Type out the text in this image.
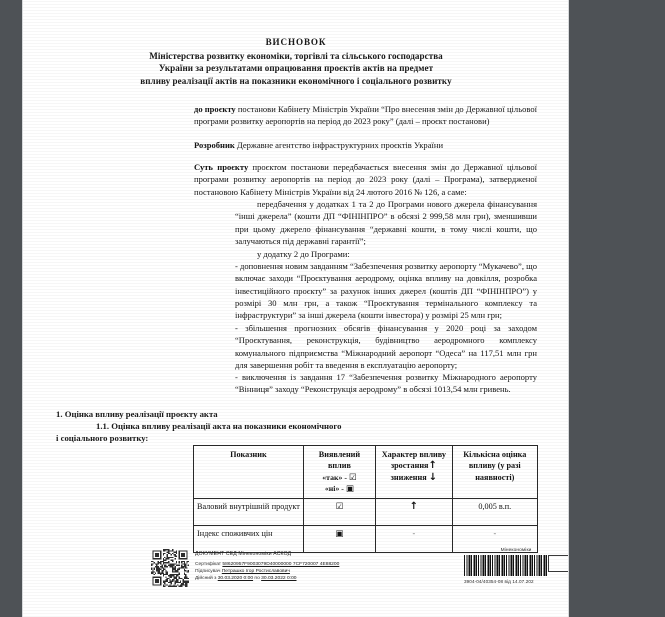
ВИСНОВОК
Міністерства розвитку економіки, торгівлі та сільського господарства
України за результатами опрацювання проєктів актів на предмет
впливу реалізації актів на показники економічного і соціального розвитку
до проєкту постанови Кабінету Міністрів України “Про внесення змін до Державної цільової програми розвитку аеропортів на період до 2023 року” (далі – проєкт постанови)
Розробник Державне агентство інфраструктурних проєктів України
Суть проєкту проєктом постанови передбачається внесення змін до Державної цільової програми розвитку аеропортів на період до 2023 року (далі – Програма), затвердженої постановою Кабінету Міністрів України від 24 лютого 2016 № 126, а саме:
передбачення у додатках 1 та 2 до Програми нового джерела фінансування “інші джерела” (кошти ДП “ФІНІНПРО” в обсязі 2 999,58 млн грн), зменшивши при цьому джерело фінансування “державні кошти, в тому числі кошти, що залучаються під державні гарантії”;
у додатку 2 до Програми:
- доповнення новим завданням “Забезпечення розвитку аеропорту “Мукачево”, що включає заходи “Проєктування аеродрому, оцінка впливу на довкілля, розробка інвестиційного проєкту” за рахунок інших джерел (коштів ДП “ФІНІНПРО”) у розмірі 30 млн грн, а також “Проєктування термінального комплексу та інфраструктури” за інші джерела (кошти інвестора) у розмірі 25 млн грн;
- збільшення прогнозних обсягів фінансування у 2020 році за заходом “Проєктування, реконструкція, будівництво аеродромного комплексу комунального підприємства “Міжнародний аеропорт “Одеса” на 117,51 млн грн для завершення робіт та введення в експлуатацію аеропорту;
- виключення із завдання 17 “Забезпечення розвитку Міжнародного аеропорту “Вінниця” заходу “Реконструкція аеродрому” в обсязі 1013,54 млн гривень.
1. Оцінка впливу реалізації проєкту акта
1.1. Оцінка впливу реалізації акта на показники економічного
і соціального розвитку:
Показник	Виявлений
вплив
«так» - ☑
«ні» - ▣	Характер впливу
зростання↑
зниження ↓	Кількісна оцінка
впливу (у разі
наявності)

Валовий внутрішній продукт	☑	↑	0,005 в.п.
Індекс споживчих цін	▣	-	-
ДОКУМЕНТ СЕД Мінекономіки АСКОД
Сертифікат 58620957F9003079D40000000 7CF720007 4E88200
Підписувач Петрашко Ігор Ростиславович
Дійсний з 30.03.2020 0:00 по 30.03.2022 0:00
Мінекономіки
3904-04/40354-08 від 14.07.202
